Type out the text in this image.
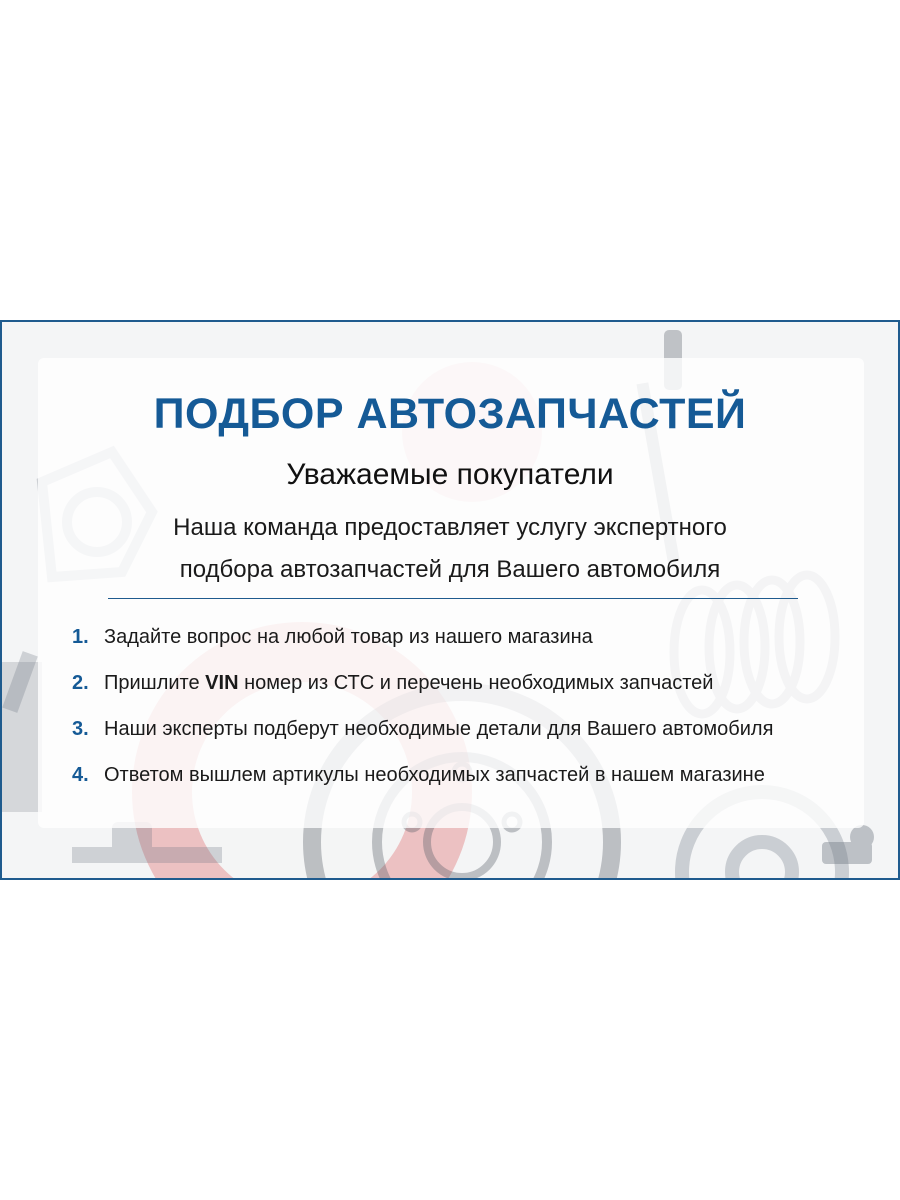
ПОДБОР АВТОЗАПЧАСТЕЙ
Уважаемые покупатели
Наша команда предоставляет услугу экспертного
подбора автозапчастей для Вашего автомобиля
1. Задайте вопрос на любой товар из нашего магазина
2. Пришлите VIN номер из СТС и перечень необходимых запчастей
3. Наши эксперты подберут необходимые детали для Вашего автомобиля
4. Ответом вышлем артикулы необходимых запчастей в нашем магазине
